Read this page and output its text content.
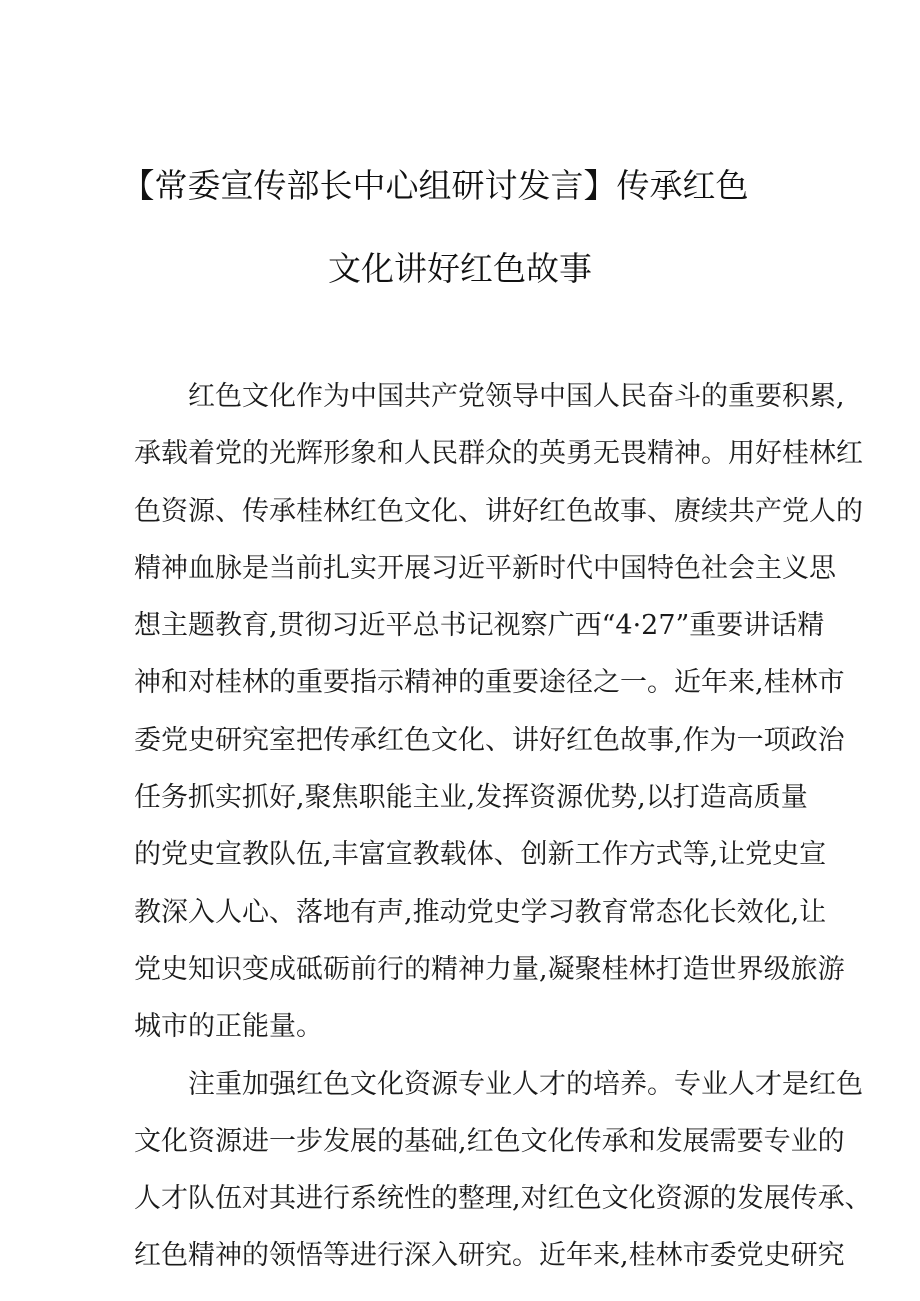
【常委宣传部长中心组研讨发言】传承红色
文化讲好红色故事
红色文化作为中国共产党领导中国人民奋斗的重要积累,
承载着党的光辉形象和人民群众的英勇无畏精神。用好桂林红
色资源、传承桂林红色文化、讲好红色故事、赓续共产党人的
精神血脉是当前扎实开展习近平新时代中国特色社会主义思
想主题教育,贯彻习近平总书记视察广西“4·27”重要讲话精
神和对桂林的重要指示精神的重要途径之一。近年来,桂林市
委党史研究室把传承红色文化、讲好红色故事,作为一项政治
任务抓实抓好,聚焦职能主业,发挥资源优势,以打造高质量
的党史宣教队伍,丰富宣教载体、创新工作方式等,让党史宣
教深入人心、落地有声,推动党史学习教育常态化长效化,让
党史知识变成砥砺前行的精神力量,凝聚桂林打造世界级旅游
城市的正能量。
注重加强红色文化资源专业人才的培养。专业人才是红色
文化资源进一步发展的基础,红色文化传承和发展需要专业的
人才队伍对其进行系统性的整理,对红色文化资源的发展传承、
红色精神的领悟等进行深入研究。近年来,桂林市委党史研究
